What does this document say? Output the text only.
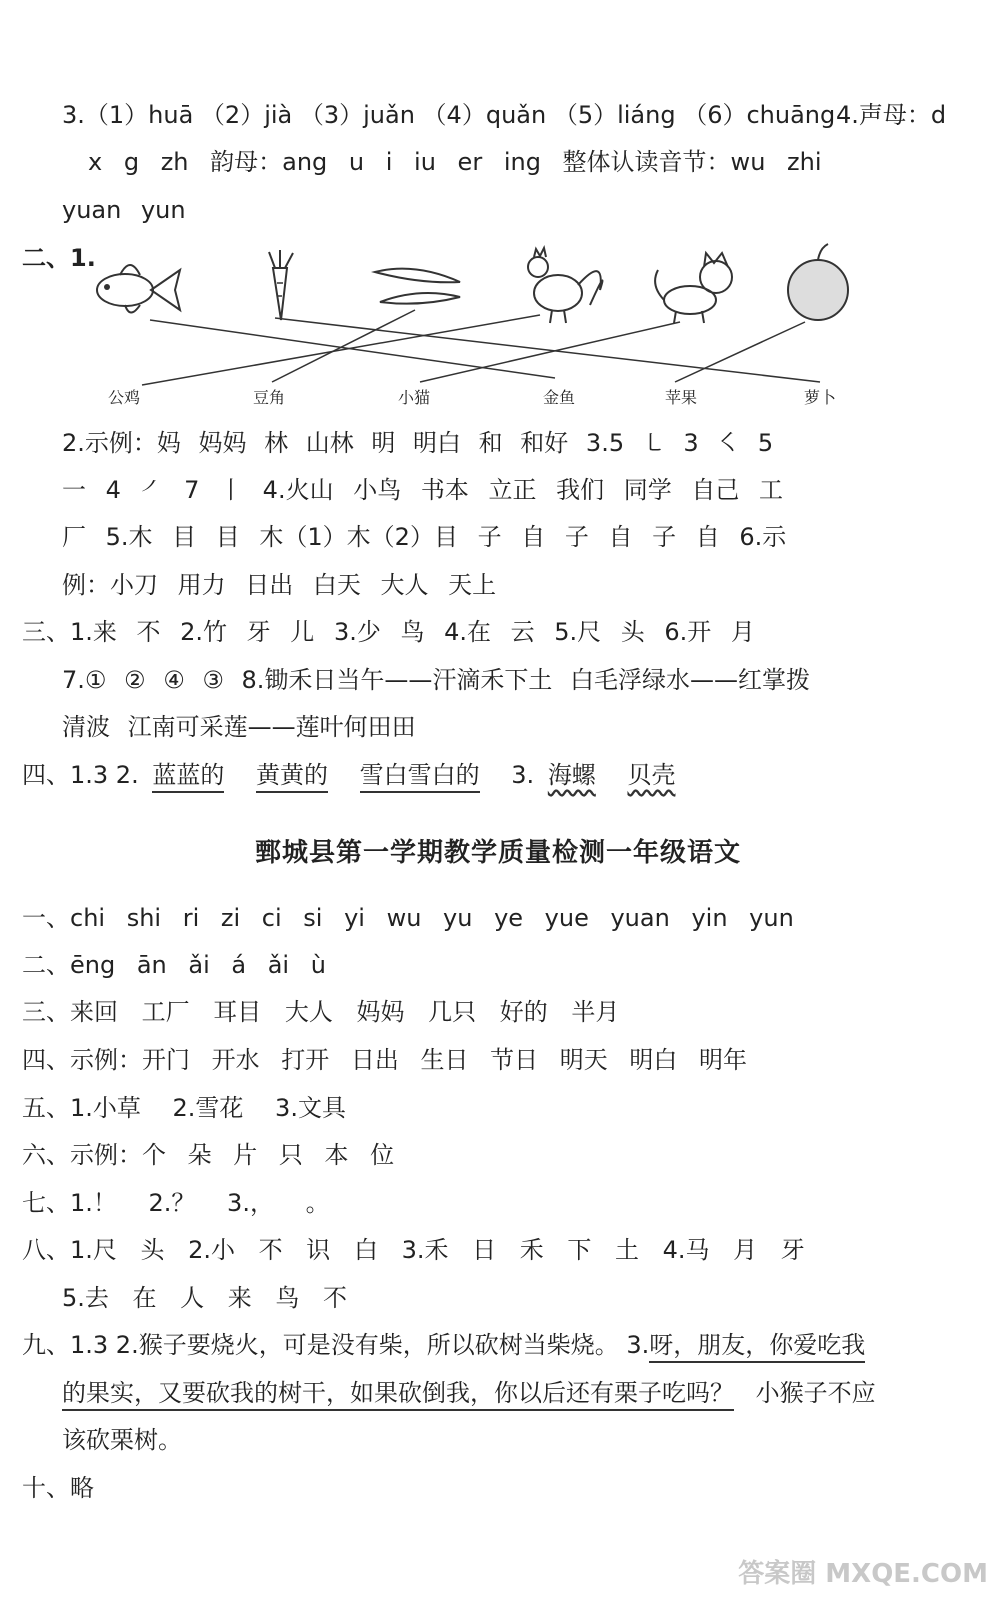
3.（1）huā （2）jià （3）juǎn （4）quǎn （5）liáng （6）chuāng 4.声母：d
x g zh 韵母：ang u i iu er ing 整体认读音节：wu zhi
yuan yun
二、1.
公鸡	豆角	小猫	金鱼	苹果	萝卜
2.示例：妈 妈妈 林 山林 明 明白 和 和好 3.5 ㇄ 3 ㇛ 5
一 4 ㇒ 7 丨 4.火山 小鸟 书本 立正 我们 同学 自己 工
厂 5.木 目 目 木（1）木（2）目 子 自 子 自 子 自 6.示
例：小刀 用力 日出 白天 大人 天上
三、1.来 不 2.竹 牙 儿 3.少 鸟 4.在 云 5.尺 头 6.开 月
7.① ② ④ ③ 8.锄禾日当午——汗滴禾下土 白毛浮绿水——红掌拨
清波 江南可采莲——莲叶何田田
四、1.3 2. 蓝蓝的 黄黄的 雪白雪白的 3. 海螺 贝壳
鄄城县第一学期教学质量检测一年级语文
一、chi shi ri zi ci si yi wu yu ye yue yuan yin yun
二、ēng ān ǎi á ǎi ù
三、来回 工厂 耳目 大人 妈妈 几只 好的 半月
四、示例：开门 开水 打开 日出 生日 节日 明天 明白 明年
五、1.小草 2.雪花 3.文具
六、示例：个 朵 片 只 本 位
七、1.！ 2.？ 3.， 。
八、1.尺 头 2.小 不 识 白 3.禾 日 禾 下 土 4.马 月 牙
5.去 在 人 来 鸟 不
九、1.3 2.猴子要烧火，可是没有柴，所以砍树当柴烧。 3.呀，朋友，你爱吃我
的果实，又要砍我的树干，如果砍倒我，你以后还有栗子吃吗？ 小猴子不应
该砍栗树。
十、略
答案圈 MXQE.COM
